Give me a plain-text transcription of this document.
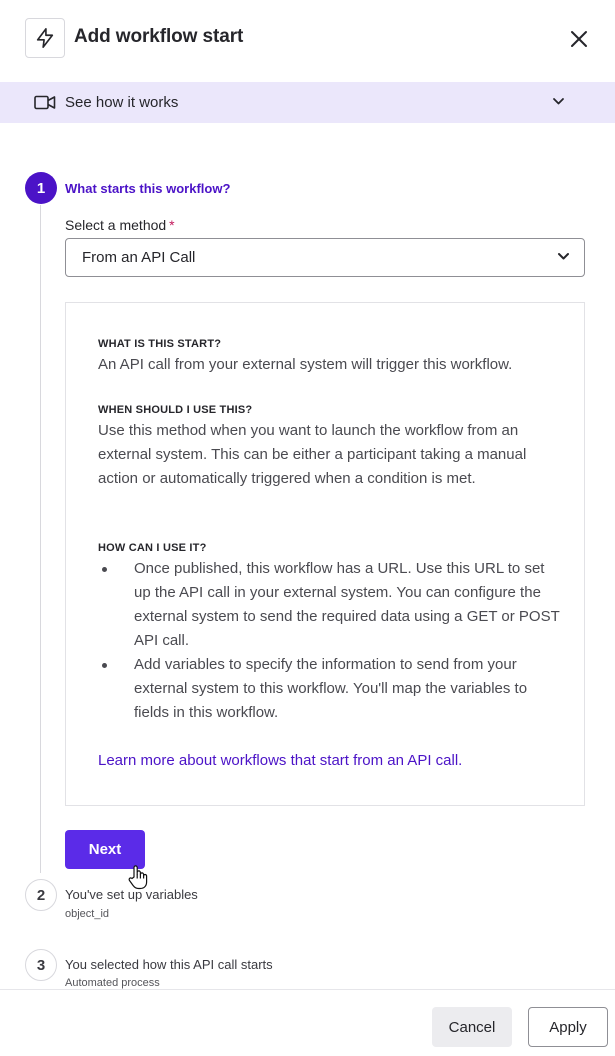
Add workflow start
See how it works
1	What starts this workflow?
Select a method *
From an API Call
WHAT IS THIS START?
An API call from your external system will trigger this workflow.
WHEN SHOULD I USE THIS?
Use this method when you want to launch the workflow from an external system. This can be either a participant taking a manual action or automatically triggered when a condition is met.
HOW CAN I USE IT?
Once published, this workflow has a URL. Use this URL to set up the API call in your external system. You can configure the external system to send the required data using a GET or POST API call.
Add variables to specify the information to send from your external system to this workflow. You'll map the variables to fields in this workflow.
Learn more about workflows that start from an API call.
Next
2	You've set up variables
object_id
3	You selected how this API call starts
Automated process
Cancel	Apply
